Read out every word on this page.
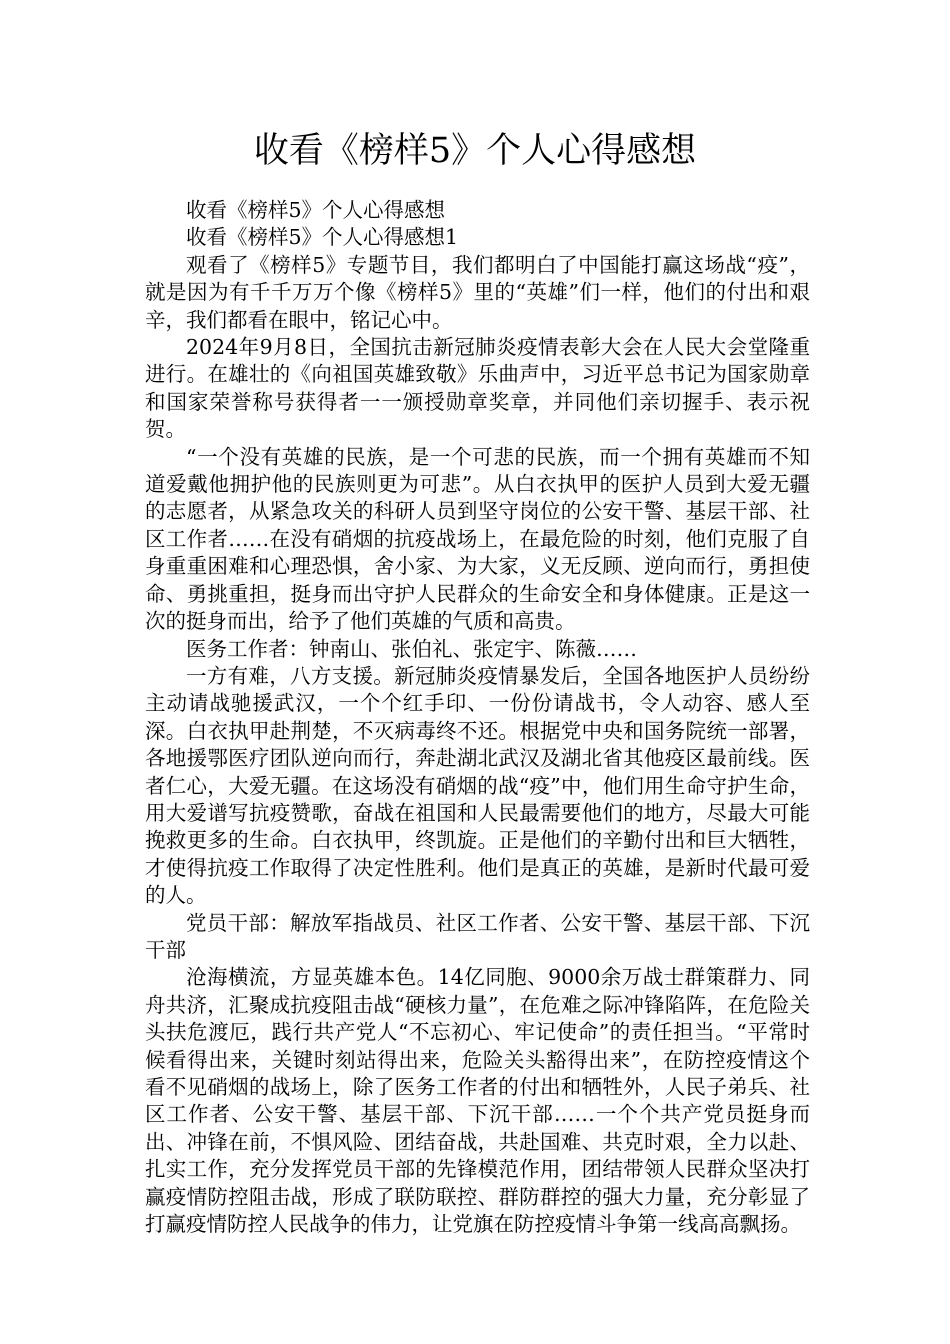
收看《榜样5》个人心得感想

收看《榜样5》个人心得感想

收看《榜样5》个人心得感想1

观看了《榜样5》专题节目，我们都明白了中国能打赢这场战“疫”，就是因为有千千万万个像《榜样5》里的“英雄”们一样，他们的付出和艰辛，我们都看在眼中，铭记心中。

2024年9月8日，全国抗击新冠肺炎疫情表彰大会在人民大会堂隆重进行。在雄壮的《向祖国英雄致敬》乐曲声中，习近平总书记为国家勋章和国家荣誉称号获得者一一颁授勋章奖章，并同他们亲切握手、表示祝贺。

“一个没有英雄的民族，是一个可悲的民族，而一个拥有英雄而不知道爱戴他拥护他的民族则更为可悲”。从白衣执甲的医护人员到大爱无疆的志愿者，从紧急攻关的科研人员到坚守岗位的公安干警、基层干部、社区工作者……在没有硝烟的抗疫战场上，在最危险的时刻，他们克服了自身重重困难和心理恐惧，舍小家、为大家，义无反顾、逆向而行，勇担使命、勇挑重担，挺身而出守护人民群众的生命安全和身体健康。正是这一次的挺身而出，给予了他们英雄的气质和高贵。

医务工作者：钟南山、张伯礼、张定宇、陈薇……

一方有难，八方支援。新冠肺炎疫情暴发后，全国各地医护人员纷纷主动请战驰援武汉，一个个红手印、一份份请战书，令人动容、感人至深。白衣执甲赴荆楚，不灭病毒终不还。根据党中央和国务院统一部署，各地援鄂医疗团队逆向而行，奔赴湖北武汉及湖北省其他疫区最前线。医者仁心，大爱无疆。在这场没有硝烟的战“疫”中，他们用生命守护生命，用大爱谱写抗疫赞歌，奋战在祖国和人民最需要他们的地方，尽最大可能挽救更多的生命。白衣执甲，终凯旋。正是他们的辛勤付出和巨大牺牲，才使得抗疫工作取得了决定性胜利。他们是真正的英雄，是新时代最可爱的人。

党员干部：解放军指战员、社区工作者、公安干警、基层干部、下沉干部

沧海横流，方显英雄本色。14亿同胞、9000余万战士群策群力、同舟共济，汇聚成抗疫阻击战“硬核力量”，在危难之际冲锋陷阵，在危险关头扶危渡厄，践行共产党人“不忘初心、牢记使命”的责任担当。“平常时候看得出来，关键时刻站得出来，危险关头豁得出来”，在防控疫情这个看不见硝烟的战场上，除了医务工作者的付出和牺牲外，人民子弟兵、社区工作者、公安干警、基层干部、下沉干部……一个个共产党员挺身而出、冲锋在前，不惧风险、团结奋战，共赴国难、共克时艰，全力以赴、扎实工作，充分发挥党员干部的先锋模范作用，团结带领人民群众坚决打赢疫情防控阻击战，形成了联防联控、群防群控的强大力量，充分彰显了打赢疫情防控人民战争的伟力，让党旗在防控疫情斗争第一线高高飘扬。
